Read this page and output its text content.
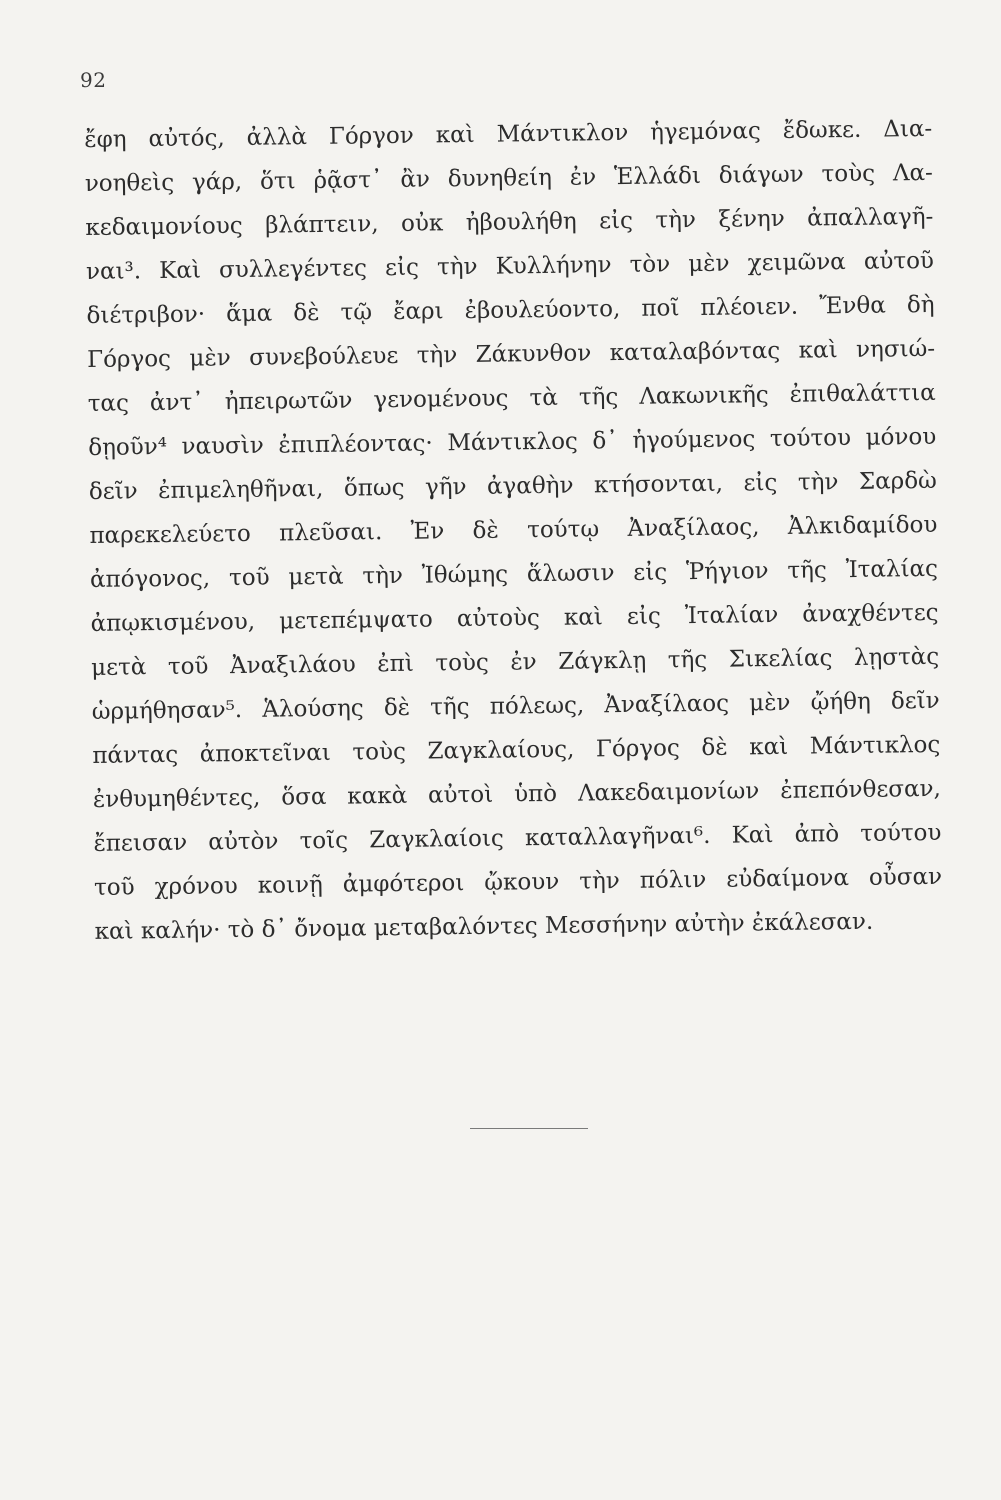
92
ἔφη αὐτός, ἀλλὰ Γόργον καὶ Μάντικλον ἡγεμόνας ἔδωκε. Δια-
νοηθεὶς γάρ, ὅτι ῥᾷστ᾽ ἂν δυνηθείη ἐν Ἑλλάδι διάγων τοὺς Λα-
κεδαιμονίους βλάπτειν, οὐκ ἠβουλήθη εἰς τὴν ξένην ἀπαλλαγῆ-
ναι³. Καὶ συλλεγέντες εἰς τὴν Κυλλήνην τὸν μὲν χειμῶνα αὐτοῦ
διέτριβον· ἅμα δὲ τῷ ἔαρι ἐβουλεύοντο, ποῖ πλέοιεν. Ἔνθα δὴ
Γόργος μὲν συνεβούλευε τὴν Ζάκυνθον καταλαβόντας καὶ νησιώ-
τας ἀντ᾽ ἠπειρωτῶν γενομένους τὰ τῆς Λακωνικῆς ἐπιθαλάττια
δῃοῦν⁴ ναυσὶν ἐπιπλέοντας· Μάντικλος δ᾽ ἡγούμενος τούτου μόνου
δεῖν ἐπιμεληθῆναι, ὅπως γῆν ἀγαθὴν κτήσονται, εἰς τὴν Σαρδὼ
παρεκελεύετο πλεῦσαι. Ἐν δὲ τούτῳ Ἀναξίλαος, Ἀλκιδαμίδου
ἀπόγονος, τοῦ μετὰ τὴν Ἰθώμης ἅλωσιν εἰς Ῥήγιον τῆς Ἰταλίας
ἀπῳκισμένου, μετεπέμψατο αὐτοὺς καὶ εἰς Ἰταλίαν ἀναχθέντες
μετὰ τοῦ Ἀναξιλάου ἐπὶ τοὺς ἐν Ζάγκλῃ τῆς Σικελίας λῃστὰς
ὡρμήθησαν⁵. Ἁλούσης δὲ τῆς πόλεως, Ἀναξίλαος μὲν ᾤήθη δεῖν
πάντας ἀποκτεῖναι τοὺς Ζαγκλαίους, Γόργος δὲ καὶ Μάντικλος
ἐνθυμηθέντες, ὅσα κακὰ αὐτοὶ ὑπὸ Λακεδαιμονίων ἐπεπόνθεσαν,
ἔπεισαν αὐτὸν τοῖς Ζαγκλαίοις καταλλαγῆναι⁶. Καὶ ἀπὸ τούτου
τοῦ χρόνου κοινῇ ἀμφότεροι ᾤκουν τὴν πόλιν εὐδαίμονα οὖσαν
καὶ καλήν· τὸ δ᾽ ὄνομα μεταβαλόντες Μεσσήνην αὐτὴν ἐκάλεσαν.
